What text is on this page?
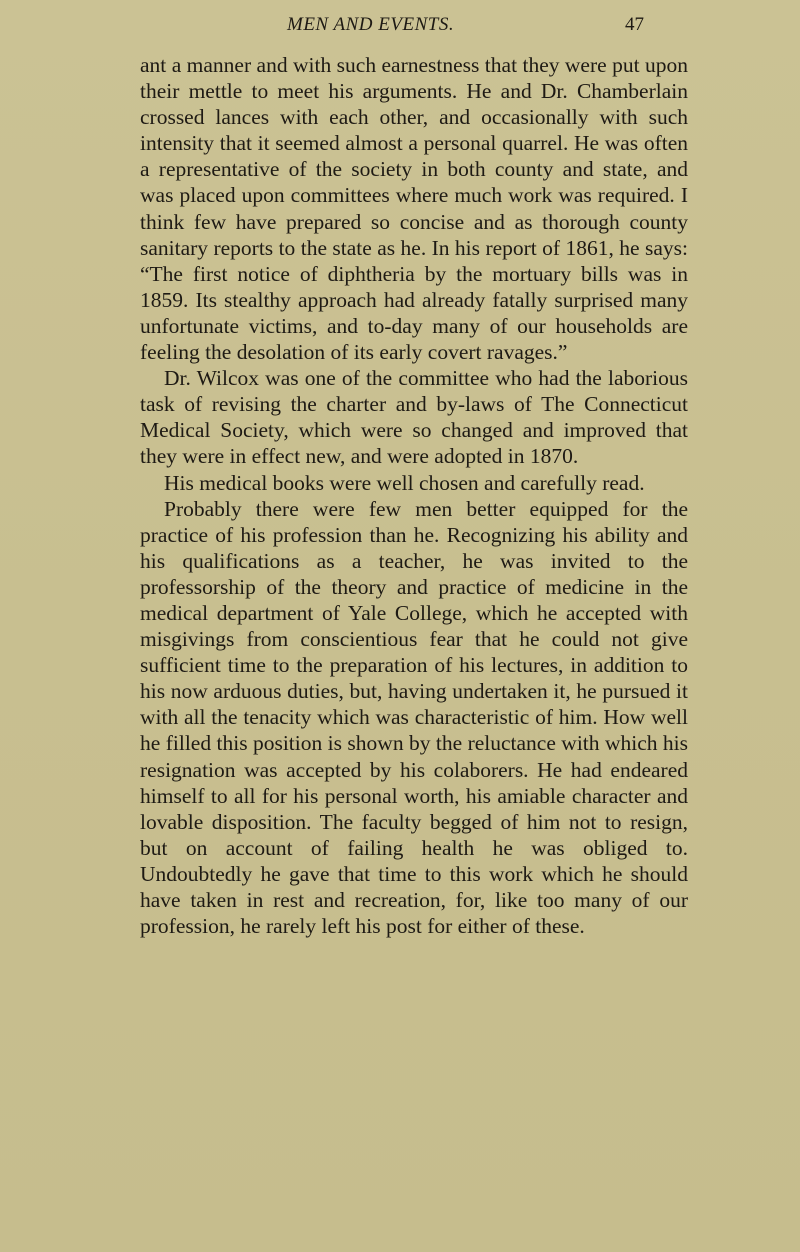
MEN AND EVENTS.	47

ant a manner and with such earnestness that they were put upon their mettle to meet his arguments. He and Dr. Chamberlain crossed lances with each other, and occasionally with such intensity that it seemed almost a personal quarrel. He was often a representative of the society in both county and state, and was placed upon committees where much work was required. I think few have prepared so concise and as thorough county sanitary reports to the state as he. In his report of 1861, he says: “The first notice of diphtheria by the mortuary bills was in 1859. Its stealthy approach had already fatally surprised many unfortunate victims, and to-day many of our households are feeling the desolation of its early covert ravages.”

Dr. Wilcox was one of the committee who had the laborious task of revising the charter and by-laws of The Connecticut Medical Society, which were so changed and improved that they were in effect new, and were adopted in 1870.

His medical books were well chosen and carefully read.

Probably there were few men better equipped for the practice of his profession than he. Recognizing his ability and his qualifications as a teacher, he was invited to the professorship of the theory and practice of medicine in the medical department of Yale College, which he accepted with misgivings from conscientious fear that he could not give sufficient time to the preparation of his lectures, in addition to his now arduous duties, but, having undertaken it, he pursued it with all the tenacity which was characteristic of him. How well he filled this position is shown by the reluctance with which his resignation was accepted by his colaborers. He had endeared himself to all for his personal worth, his amiable character and lovable disposition. The faculty begged of him not to resign, but on account of failing health he was obliged to. Undoubtedly he gave that time to this work which he should have taken in rest and recreation, for, like too many of our profession, he rarely left his post for either of these.
